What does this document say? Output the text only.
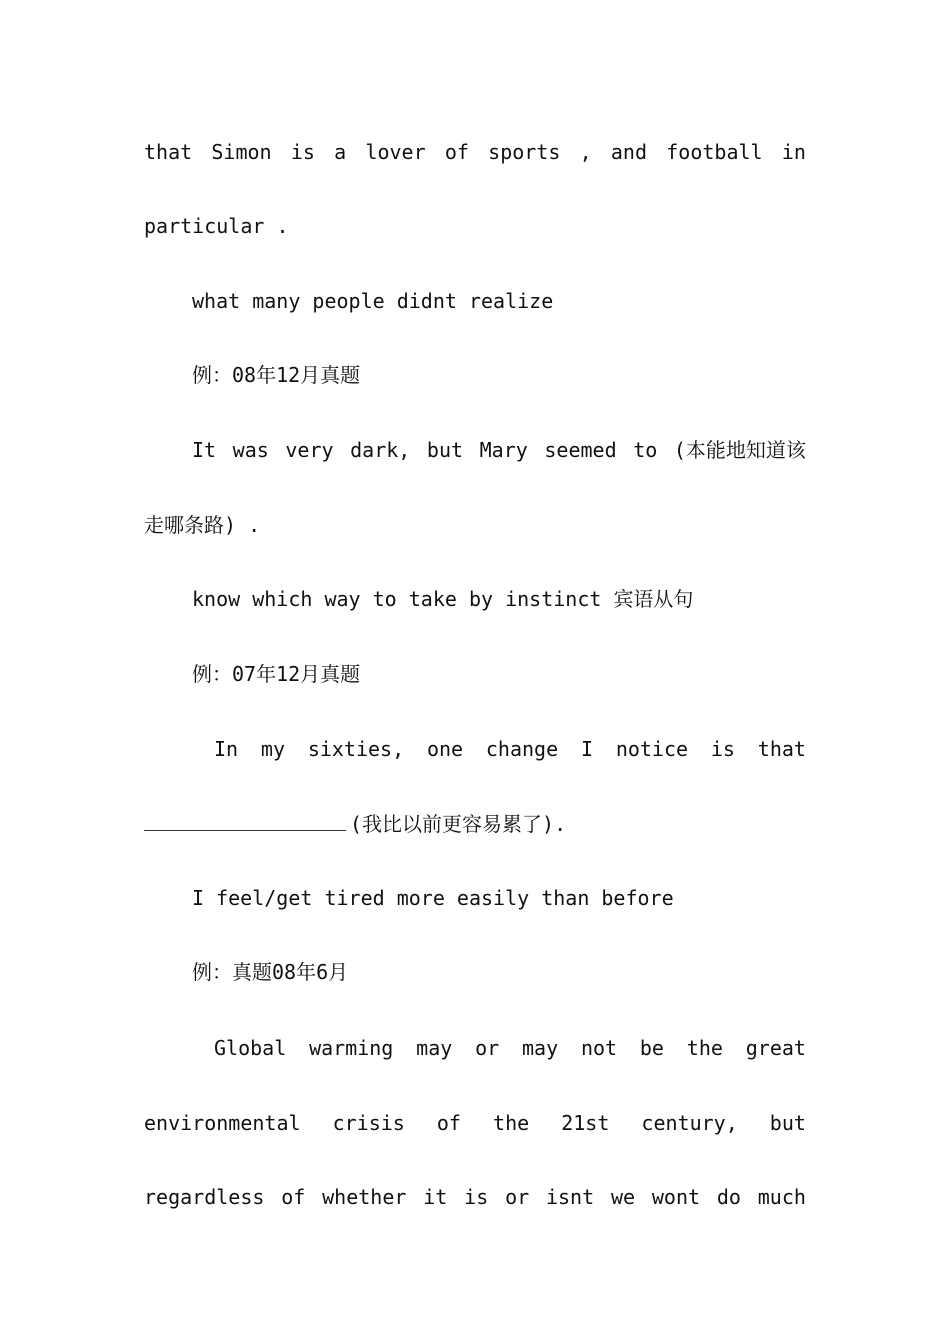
that Simon is a lover of sports , and football in
particular .
what many people didnt realize
例：08年12月真题
It was very dark, but Mary seemed to (本能地知道该
走哪条路) .
know which way to take by instinct 宾语从句
例：07年12月真题
In my sixties, one change I notice is that
(我比以前更容易累了).
I feel/get tired more easily than before
例：真题08年6月
Global warming may or may not be the great
environmental crisis of the 21st century, but
regardless of whether it is or isnt we wont do much
